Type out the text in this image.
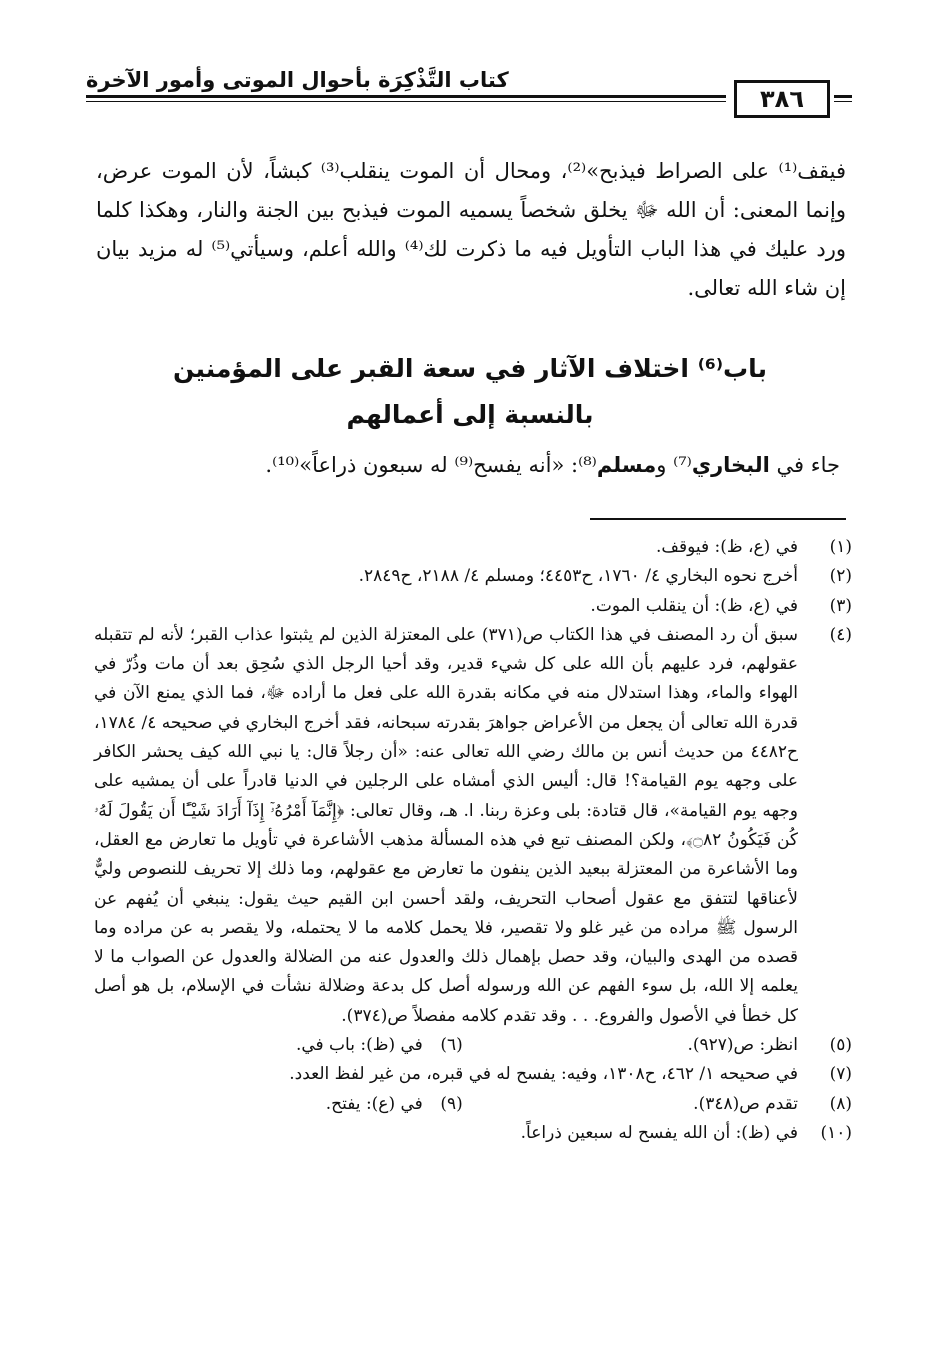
كتاب التَّذْكِرَة بأحوال الموتى وأمور الآخرة
٣٨٦
فيقف⁽¹⁾ على الصراط فيذبح»⁽²⁾، ومحال أن الموت ينقلب⁽³⁾ كبشاً، لأن الموت عرض، وإنما المعنى: أن الله ﷻ يخلق شخصاً يسميه الموت فيذبح بين الجنة والنار، وهكذا كلما ورد عليك في هذا الباب التأويل فيه ما ذكرت لك⁽⁴⁾ والله أعلم، وسيأتي⁽⁵⁾ له مزيد بيان إن شاء الله تعالى.
باب⁽⁶⁾ اختلاف الآثار في سعة القبر على المؤمنين
بالنسبة إلى أعمالهم
جاء في البخاري⁽⁷⁾ ومسلم⁽⁸⁾: «أنه يفسح⁽⁹⁾ له سبعون ذراعاً»⁽¹⁰⁾.
(١)
في (ع، ظ): فيوقف.
(٢)
أخرج نحوه البخاري ٤/ ١٧٦٠، ح٤٤٥٣؛ ومسلم ٤/ ٢١٨٨، ح٢٨٤٩.
(٣)
في (ع، ظ): أن ينقلب الموت.
(٤)
سبق أن رد المصنف في هذا الكتاب ص(٣٧١) على المعتزلة الذين لم يثبتوا عذاب القبر؛ لأنه لم تتقبله عقولهم، فرد عليهم بأن الله على كل شيء قدير، وقد أحيا الرجل الذي سُحِق بعد أن مات وذُرّ في الهواء والماء، وهذا استدلال منه في مكانه بقدرة الله على فعل ما أراده ﷻ، فما الذي يمنع الآن في قدرة الله تعالى أن يجعل من الأعراض جواهرَ بقدرته سبحانه، فقد أخرج البخاري في صحيحه ٤/ ١٧٨٤، ح٤٤٨٢ من حديث أنس بن مالك رضي الله تعالى عنه: «أن رجلاً قال: يا نبي الله كيف يحشر الكافر على وجهه يوم القيامة؟! قال: أليس الذي أمشاه على الرجلين في الدنيا قادراً على أن يمشيه على وجهه يوم القيامة»، قال قتادة: بلى وعزة ربنا. ا. هـ، وقال تعالى: ﴿إِنَّمَآ أَمْرُهُۥٓ إِذَآ أَرَادَ شَيْـًٔا أَن يَقُولَ لَهُۥ كُن فَيَكُونُ ۝٨٢﴾، ولكن المصنف تبع في هذه المسألة مذهب الأشاعرة في تأويل ما تعارض مع العقل، وما الأشاعرة من المعتزلة ببعيد الذين ينفون ما تعارض مع عقولهم، وما ذلك إلا تحريف للنصوص وليٌّ لأعناقها لتتفق مع عقول أصحاب التحريف، ولقد أحسن ابن القيم حيث يقول: ينبغي أن يُفهم عن الرسول ﷺ مراده من غير غلو ولا تقصير، فلا يحمل كلامه ما لا يحتمله، ولا يقصر به عن مراده وما قصده من الهدى والبيان، وقد حصل بإهمال ذلك والعدول عنه من الضلالة والعدول عن الصواب ما لا يعلمه إلا الله، بل سوء الفهم عن الله ورسوله أصل كل بدعة وضلالة نشأت في الإسلام، بل هو أصل كل خطأ في الأصول والفروع. . . وقد تقدم كلامه مفصلاً ص(٣٧٤).
(٥)
انظر: ص(٩٢٧).
(٦)
في (ظ): باب في.
(٧)
في صحيحه ١/ ٤٦٢، ح١٣٠٨، وفيه: يفسح له في قبره، من غير لفظ العدد.
(٨)
تقدم ص(٣٤٨).
(٩)
في (ع): يفتح.
(١٠)
في (ظ): أن الله يفسح له سبعين ذراعاً.
